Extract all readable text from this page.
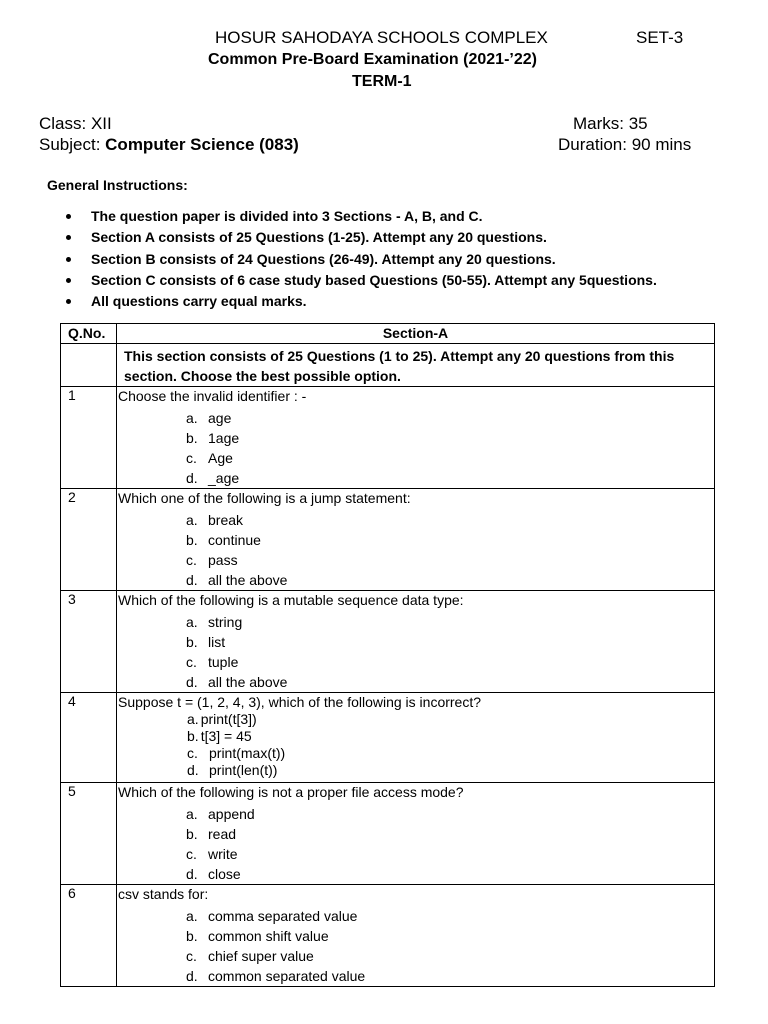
HOSUR SAHODAYA SCHOOLS COMPLEX	SET-3
Common Pre-Board Examination (2021-’22)
TERM-1
Class: XII	Marks: 35
Subject: Computer Science (083)	Duration: 90 mins
General Instructions:
The question paper is divided into 3 Sections - A, B, and C.
Section A consists of 25 Questions (1-25). Attempt any 20 questions.
Section B consists of 24 Questions (26-49). Attempt any 20 questions.
Section C consists of 6 case study based Questions (50-55). Attempt any 5questions.
All questions carry equal marks.
Q.No.	Section-A
	This section consists of 25 Questions (1 to 25). Attempt any 20 questions from this section. Choose the best possible option.
1	Choose the invalid identifier : -
a. age
b. 1age
c. Age
d. _age

2	Which one of the following is a jump statement:
a. break
b. continue
c. pass
d. all the above

3	Which of the following is a mutable sequence data type:
a. string
b. list
c. tuple
d. all the above

4	Suppose t = (1, 2, 4, 3), which of the following is incorrect?
a. print(t[3])
b. t[3] = 45
c. print(max(t))
d. print(len(t))

5	Which of the following is not a proper file access mode?
a. append
b. read
c. write
d. close

6	csv stands for:
a. comma separated value
b. common shift value
c. chief super value
d. common separated value
